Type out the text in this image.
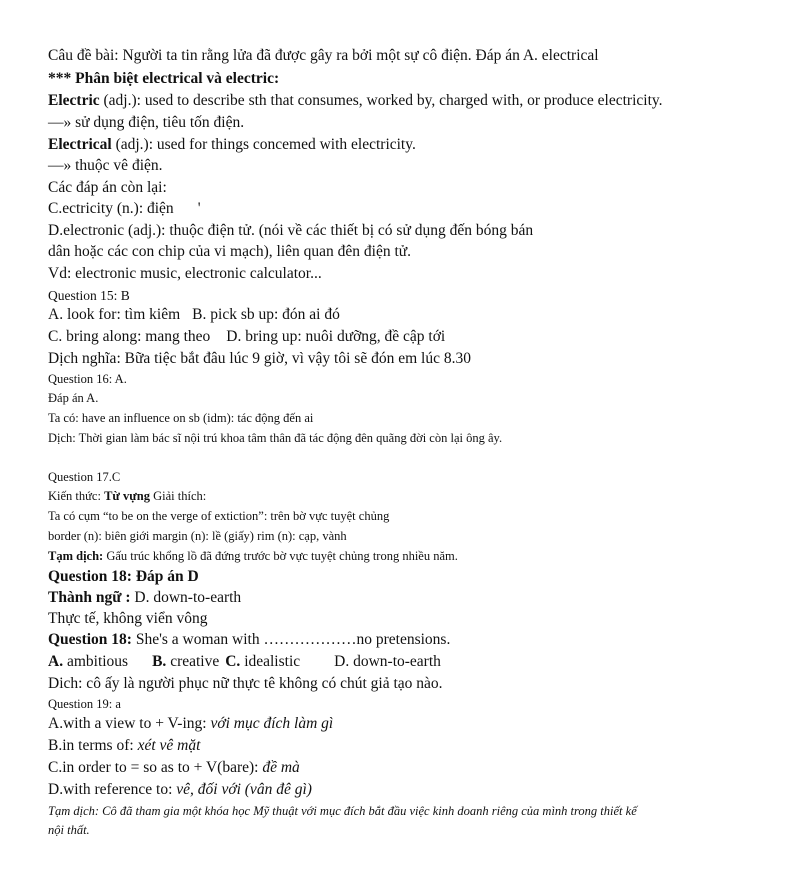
Câu đề bài: Người ta tin rằng lửa đã được gây ra bởi một sự cô điện. Đáp án A. electrical
*** Phân biệt electrical và electric:
Electric (adj.): used to describe sth that consumes, worked by, charged with, or produce electricity.
—» sử dụng điện, tiêu tốn điện.
Electrical (adj.): used for things concemed with electricity.
—» thuộc vê điện.
Các đáp án còn lại:
C.ectricity (n.): điện '
D.electronic (adj.): thuộc điện tử. (nói về các thiết bị có sử dụng đến bóng bán
dân hoặc các con chip của vi mạch), liên quan đên điện tử.
Vd: electronic music, electronic calculator...
Question 15: B
A. look for: tìm kiêm B. pick sb up: đón ai đó
C. bring along: mang theo D. bring up: nuôi dưỡng, đề cập tới
Dịch nghĩa: Bữa tiệc bắt đâu lúc 9 giờ, vì vậy tôi sẽ đón em lúc 8.30
Question 16: A.
Đáp án A.
Ta có: have an influence on sb (idm): tác động đến ai
Dịch: Thời gian làm bác sĩ nội trú khoa tâm thân đã tác động đên quãng đời còn lại ông ây.
Question 17.C
Kiến thức: Từ vựng Giải thích:
Ta có cụm “to be on the verge of extiction”: trên bờ vực tuyệt chủng
border (n): biên giới margin (n): lề (giấy) rim (n): cạp, vành
Tạm dịch: Gấu trúc khổng lồ đã đứng trước bờ vực tuyệt chủng trong nhiều năm.
Question 18: Đáp án D
Thành ngữ : D. down-to-earth
Thực tế, không viển vông
Question 18: She's a woman with ………………no pretensions.
A. ambitious B. creative C. idealistic D. down-to-earth
Dich: cô ấy là người phục nữ thực tê không có chút giả tạo nào.
Question 19: a
A.with a view to + V-ing: với mục đích làm gì
B.in terms of: xét vê mặt
C.in order to = so as to + V(bare): đề mà
D.with reference to: vê, đối với (vân đê gì)
Tạm dịch: Cô đã tham gia một khóa học Mỹ thuật với mục đích bắt đầu việc kinh doanh riêng của mình trong thiết kế
nội thất.
